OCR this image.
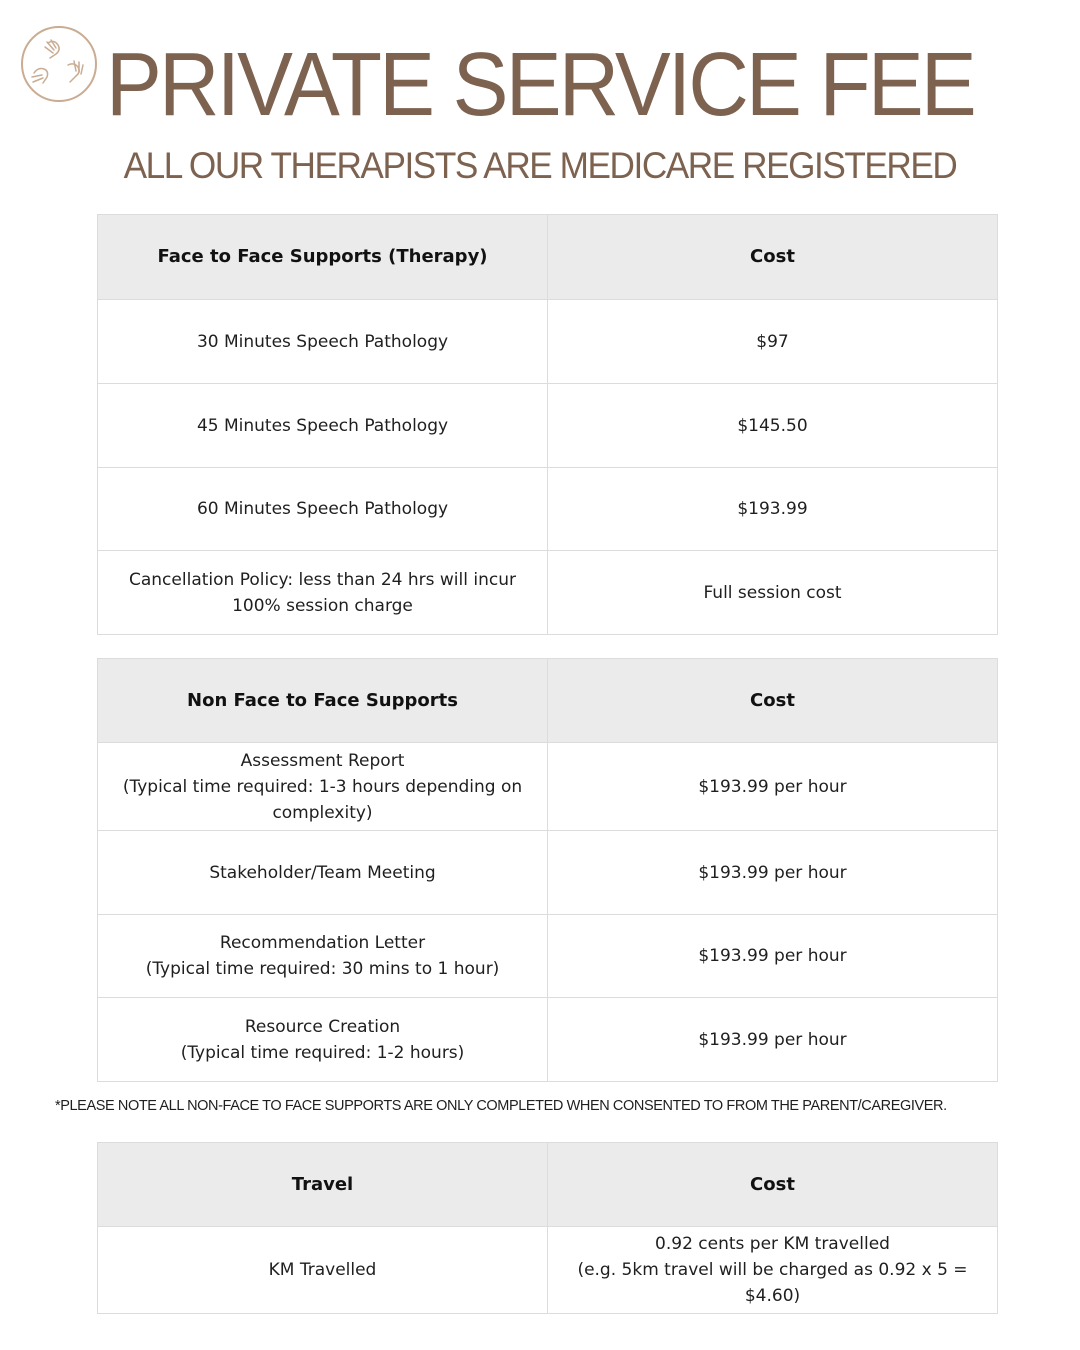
PRIVATE SERVICE FEE
ALL OUR THERAPISTS ARE MEDICARE REGISTERED
Face to Face Supports (Therapy)	Cost

30 Minutes Speech Pathology	$97

45 Minutes Speech Pathology	$145.50

60 Minutes Speech Pathology	$193.99

Cancellation Policy: less than 24 hrs will incur
100% session charge	Full session cost
Non Face to Face Supports	Cost

Assessment Report
(Typical time required: 1-3 hours depending on
complexity)	$193.99 per hour

Stakeholder/Team Meeting	$193.99 per hour

Recommendation Letter
(Typical time required: 30 mins to 1 hour)	$193.99 per hour

Resource Creation
(Typical time required: 1-2 hours)	$193.99 per hour
*PLEASE NOTE ALL NON-FACE TO FACE SUPPORTS ARE ONLY COMPLETED WHEN CONSENTED TO FROM THE PARENT/CAREGIVER.
Travel	Cost

KM Travelled	0.92 cents per KM travelled
(e.g. 5km travel will be charged as 0.92 x 5 = $4.60)
